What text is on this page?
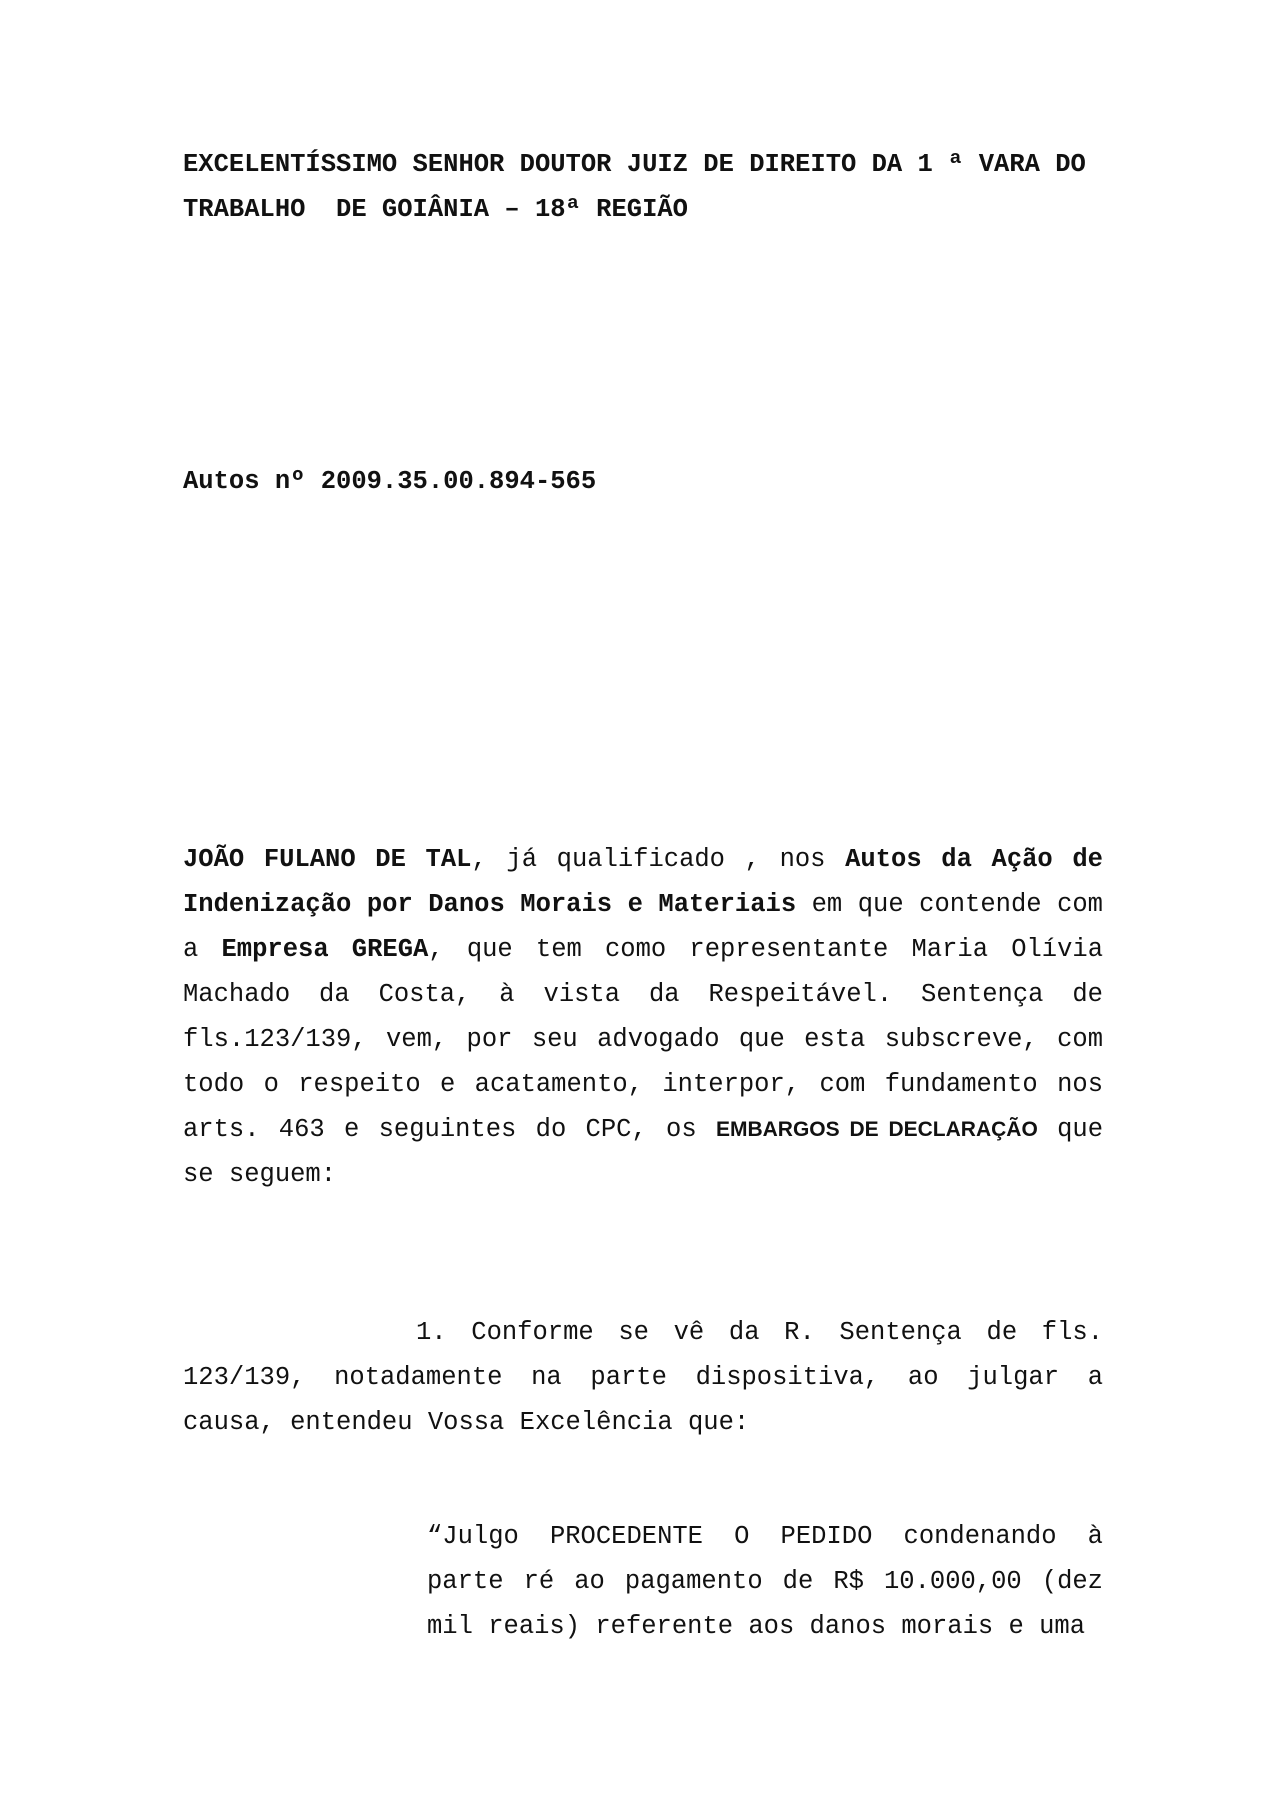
EXCELENTÍSSIMO SENHOR DOUTOR JUIZ DE DIREITO DA 1 ª VARA DO
TRABALHO  DE GOIÂNIA – 18ª REGIÃO

Autos nº 2009.35.00.894-565

JOÃO FULANO DE TAL, já qualificado , nos Autos da Ação de Indenização por Danos Morais e Materiais em que contende com a Empresa GREGA, que tem como representante Maria Olívia Machado da Costa, à vista da Respeitável. Sentença de fls.123/139, vem, por seu advogado que esta subscreve, com todo o respeito e acatamento, interpor, com fundamento nos arts. 463 e seguintes do CPC, os EMBARGOS DE DECLARAÇÃO que se seguem:

1. Conforme se vê da R. Sentença de fls. 123/139, notadamente na parte dispositiva, ao julgar a causa, entendeu Vossa Excelência que:

“Julgo PROCEDENTE O PEDIDO condenando à parte ré ao pagamento de R$ 10.000,00 (dez mil reais) referente aos danos morais e uma
